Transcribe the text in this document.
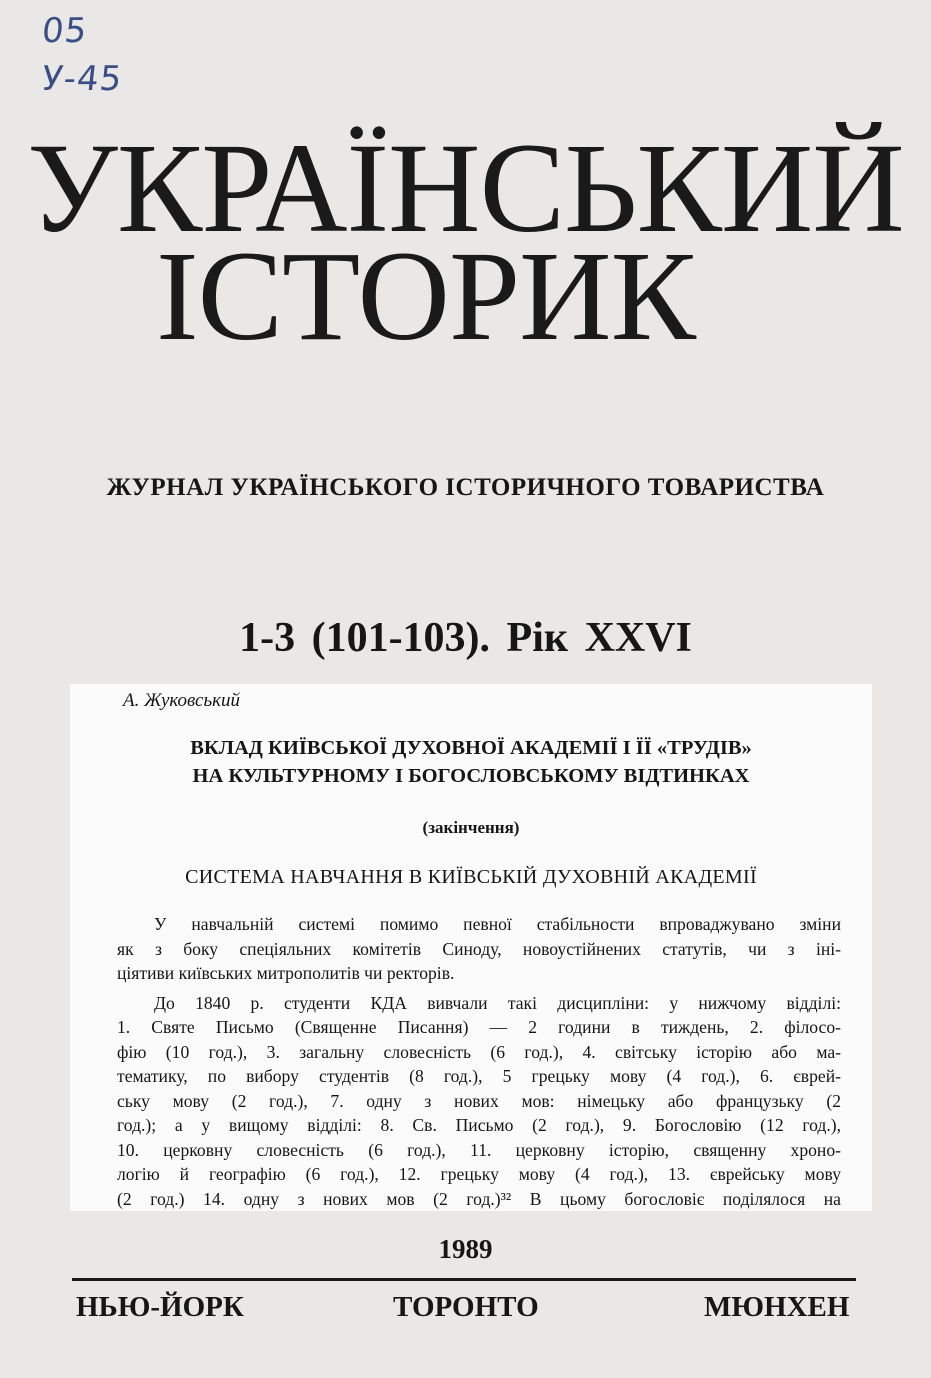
05
У-45
УКРАЇНСЬКИЙ
ІСТОРИК
ЖУРНАЛ УКРАЇНСЬКОГО ІСТОРИЧНОГО ТОВАРИСТВА
1-3 (101-103). Рік XXVI
А. Жуковський
ВКЛАД КИЇВСЬКОЇ ДУХОВНОЇ АКАДЕМІЇ І ЇЇ «ТРУДІВ»
НА КУЛЬТУРНОМУ І БОГОСЛОВСЬКОМУ ВІДТИНКАХ
(закінчення)
СИСТЕМА НАВЧАННЯ В КИЇВСЬКІЙ ДУХОВНІЙ АКАДЕМІЇ

У навчальній системі помимо певної стабільности впроваджувано зміни
як з боку спеціяльних комітетів Синоду, новоустійнених статутів, чи з іні-
ціятиви київських митрополитів чи ректорів.

До 1840 р. студенти КДА вивчали такі дисципліни: у нижчому відділі:
1. Святе Письмо (Священне Писання) — 2 години в тиждень, 2. філосо-
фію (10 год.), 3. загальну словесність (6 год.), 4. світську історію або ма-
тематику, по вибору студентів (8 год.), 5 грецьку мову (4 год.), 6. єврей-
ську мову (2 год.), 7. одну з нових мов: німецьку або французьку (2
год.); а у вищому відділі: 8. Св. Письмо (2 год.), 9. Богословію (12 год.),
10. церковну словесність (6 год.), 11. церковну історію, священну хроно-
логію й географію (6 год.), 12. грецьку мову (4 год.), 13. єврейську мову
(2 год.) 14. одну з нових мов (2 год.)³² В цьому богословіє поділялося на

1989
НЬЮ-ЙОРК	ТОРОНТО	МЮНХЕН
